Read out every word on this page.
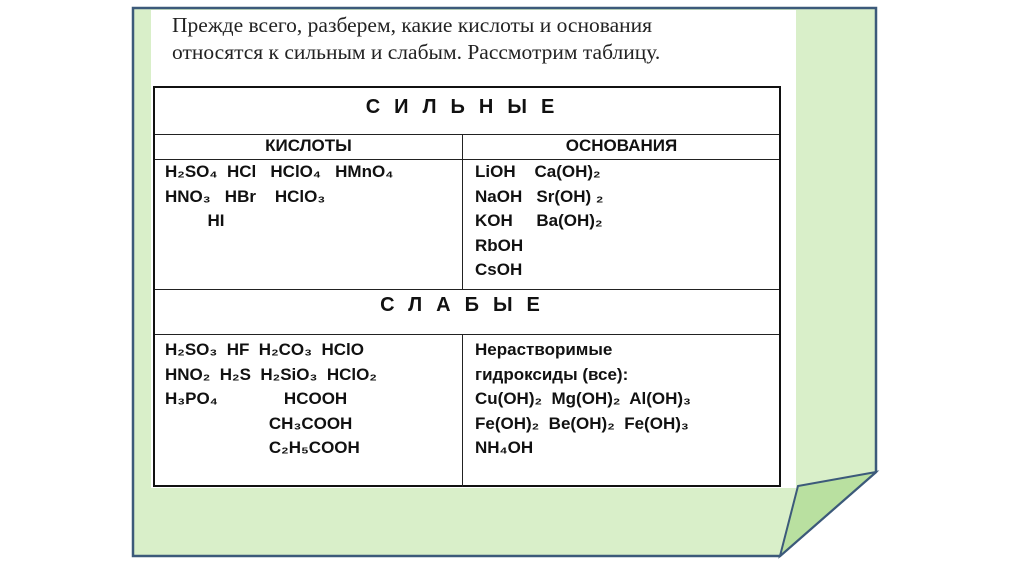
Прежде всего, разберем, какие кислоты и основания
относятся к сильным и слабым. Рассмотрим таблицу.
СИЛЬНЫЕ
КИСЛОТЫ	ОСНОВАНИЯ
H₂SO₄  HCl   HClO₄   HMnO₄
HNO₃   HBr    HClO₃
HI
LiOH    Ca(OH)₂
NaOH   Sr(OH) ₂
KOH     Ba(OH)₂
RbOH
CsOH
СЛАБЫЕ
H₂SO₃  HF  H₂CO₃  HClO
HNO₂  H₂S  H₂SiO₃  HClO₂
H₃PO₄              HCOOH
CH₃COOH
C₂H₅COOH
Нерастворимые
гидроксиды (все):
Cu(OH)₂  Mg(OH)₂  Al(OH)₃
Fe(OH)₂  Be(OH)₂  Fe(OH)₃
NH₄OH
